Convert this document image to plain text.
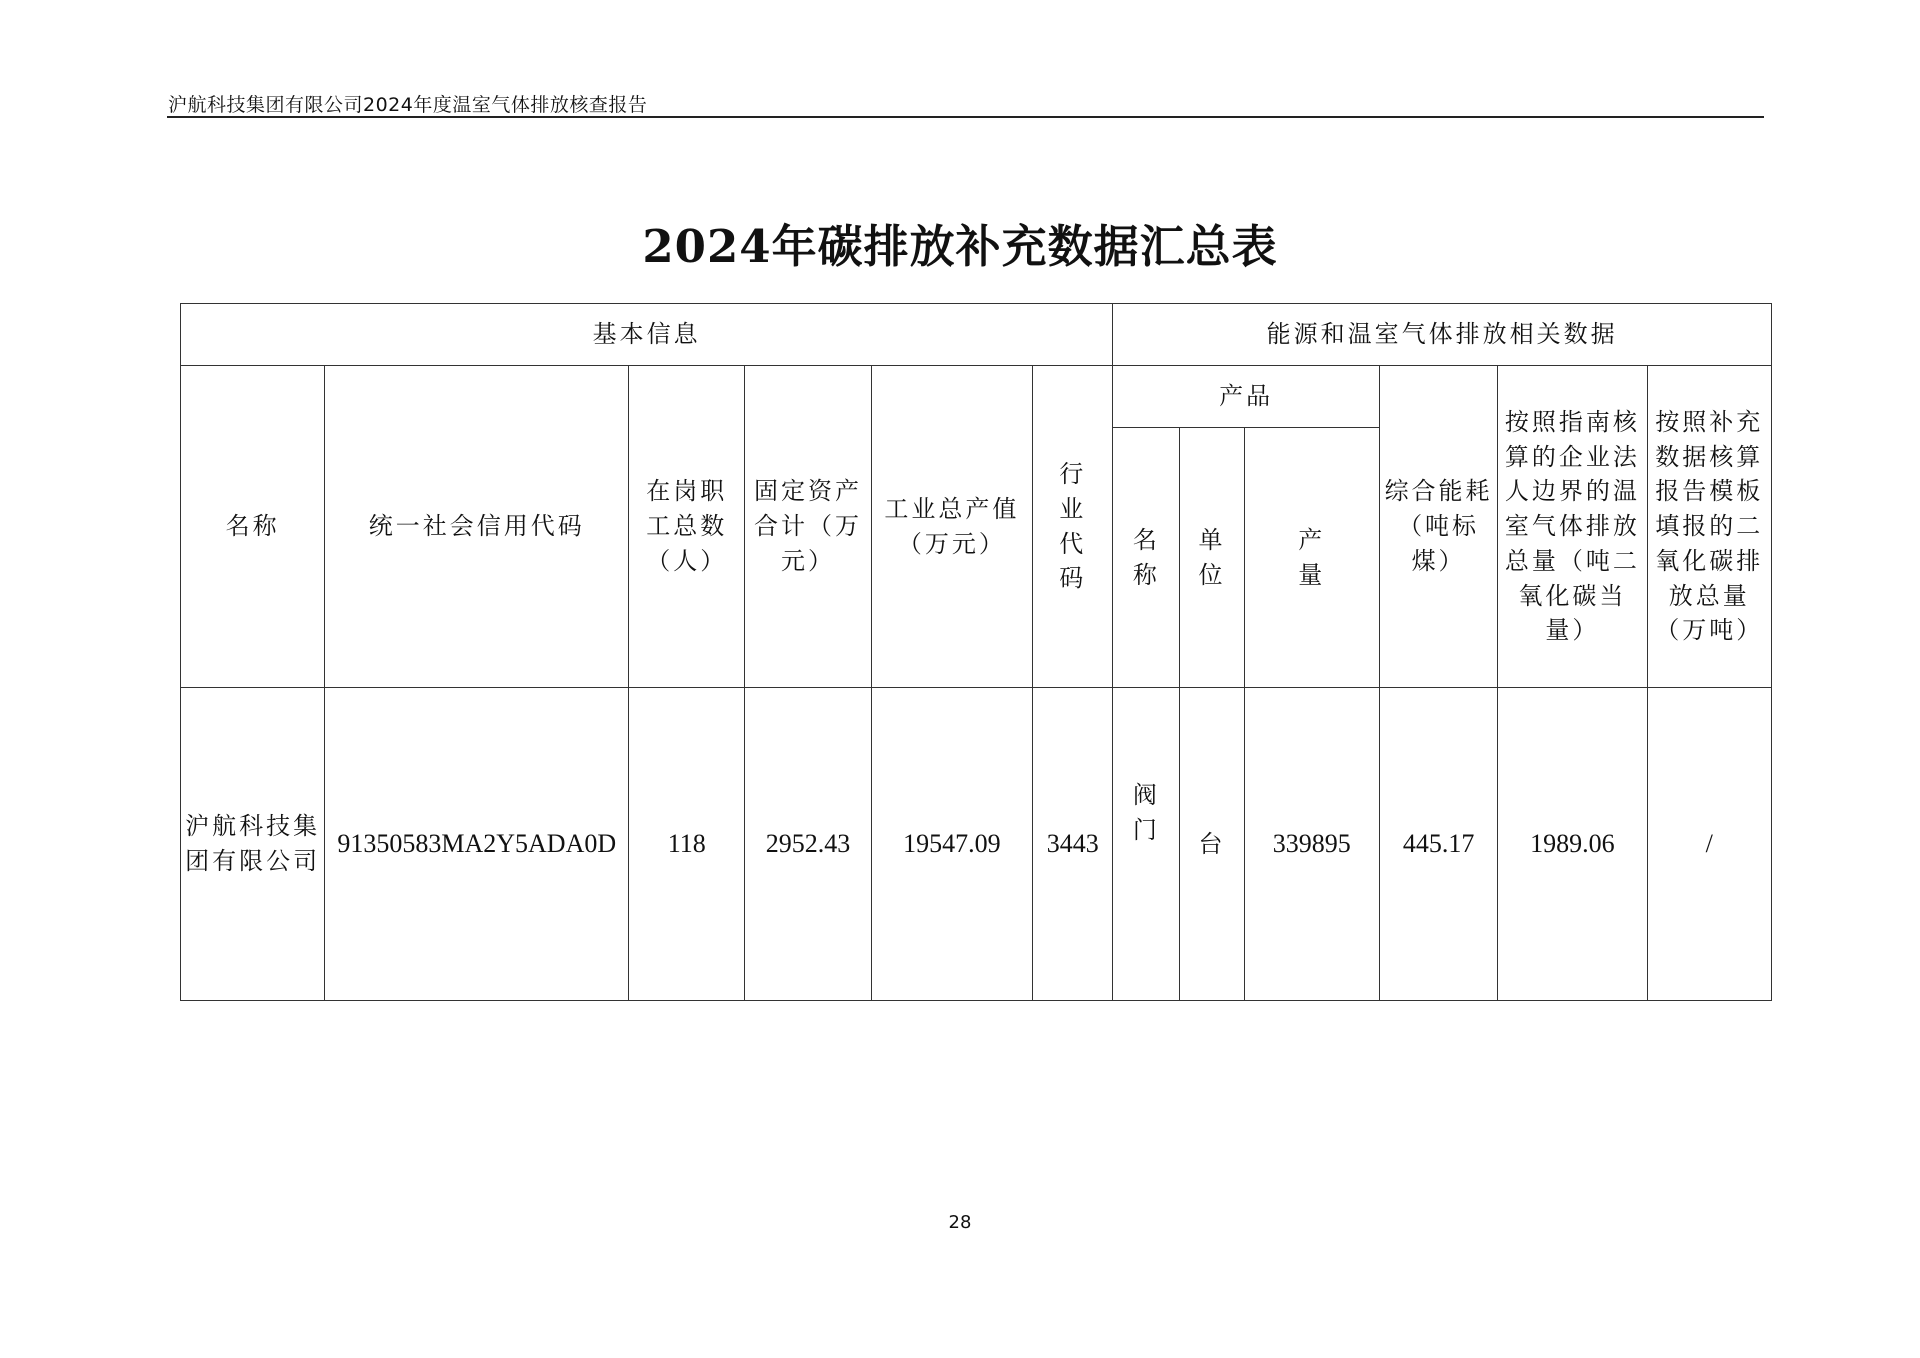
沪航科技集团有限公司2024年度温室气体排放核查报告
2024年碳排放补充数据汇总表
基本信息						能源和温室气体排放相关数据					
名称	统一社会信用代码	在岗职工总数（人）	固定资产合计（万元）	工业总产值（万元）	行业代码	产品			综合能耗（吨标煤）	按照指南核算的企业法人边界的温室气体排放总量（吨二氧化碳当量）	按照补充数据核算报告模板填报的二氧化碳排放总量（万吨）
						名称	单位	产量			
沪航科技集团有限公司	91350583MA2Y5ADA0D	118	2952.43	19547.09	3443	阀门	台	339895	445.17	1989.06	/
28
